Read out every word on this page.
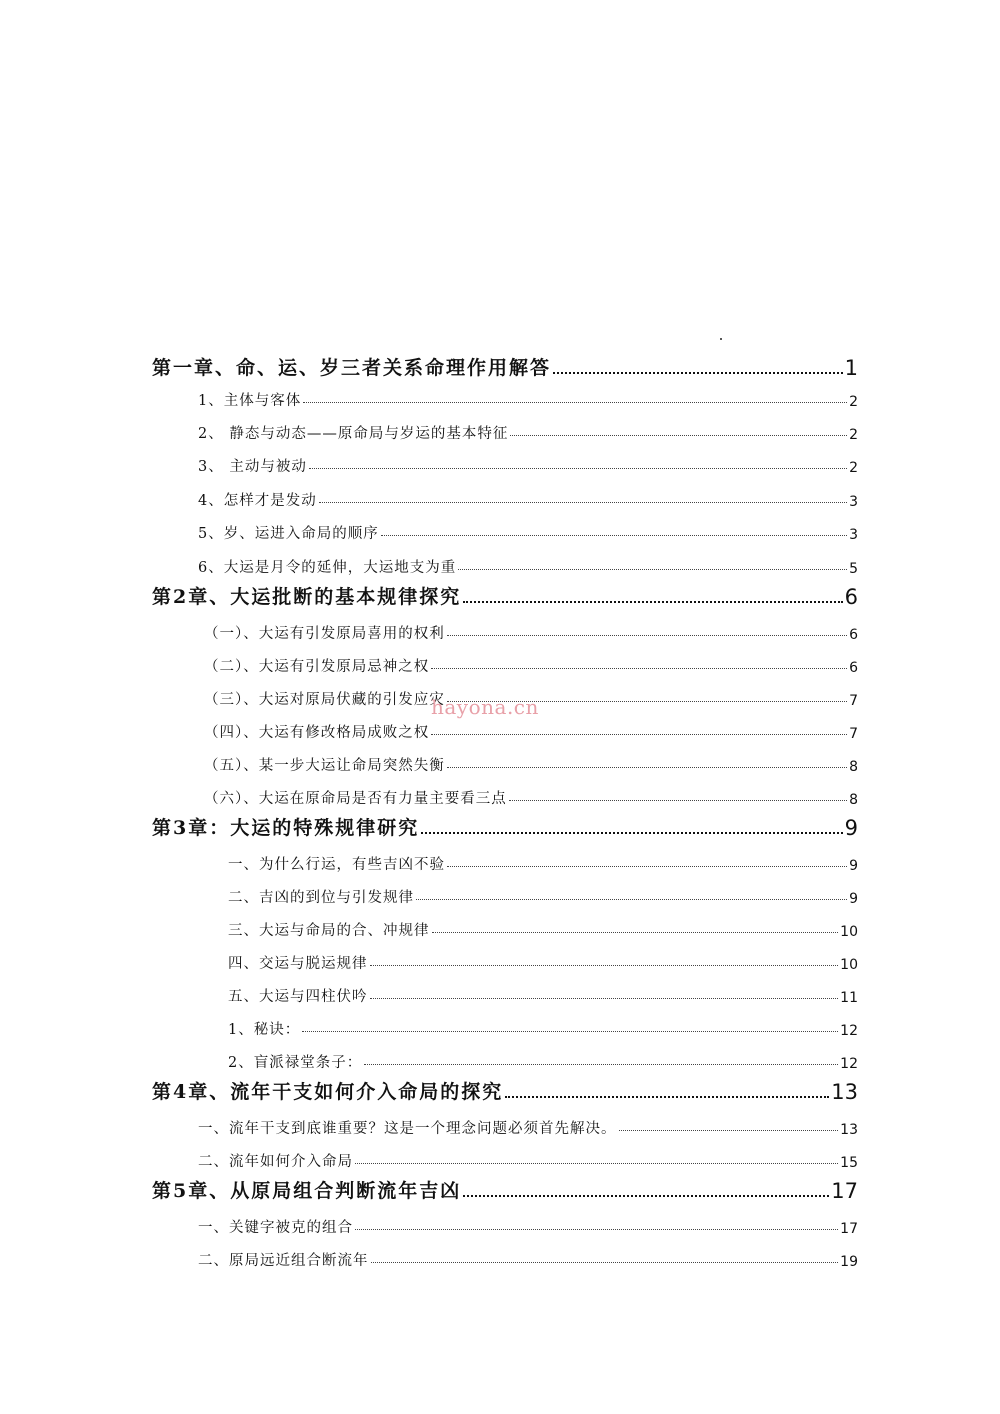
第一章、命、运、岁三者关系命理作用解答	1
1、主体与客体	2
2、 静态与动态——原命局与岁运的基本特征	2
3、 主动与被动	2
4、怎样才是发动	3
5、岁、运进入命局的顺序	3
6、大运是月令的延伸，大运地支为重	5
第2章、大运批断的基本规律探究	6
（一）、大运有引发原局喜用的权利	6
（二）、大运有引发原局忌神之权	6
（三）、大运对原局伏藏的引发应灾	7
（四）、大运有修改格局成败之权	7
（五）、某一步大运让命局突然失衡	8
（六）、大运在原命局是否有力量主要看三点	8
第3章：大运的特殊规律研究	9
一、为什么行运，有些吉凶不验	9
二、吉凶的到位与引发规律	9
三、大运与命局的合、冲规律	10
四、交运与脱运规律	10
五、大运与四柱伏吟	11
1、秘诀：	12
2、盲派禄堂条子：	12
第4章、流年干支如何介入命局的探究	13
一、流年干支到底谁重要？这是一个理念问题必须首先解决。	13
二、流年如何介入命局	15
第5章、从原局组合判断流年吉凶	17
一、关键字被克的组合	17
二、原局远近组合断流年	19
hayona.cn
